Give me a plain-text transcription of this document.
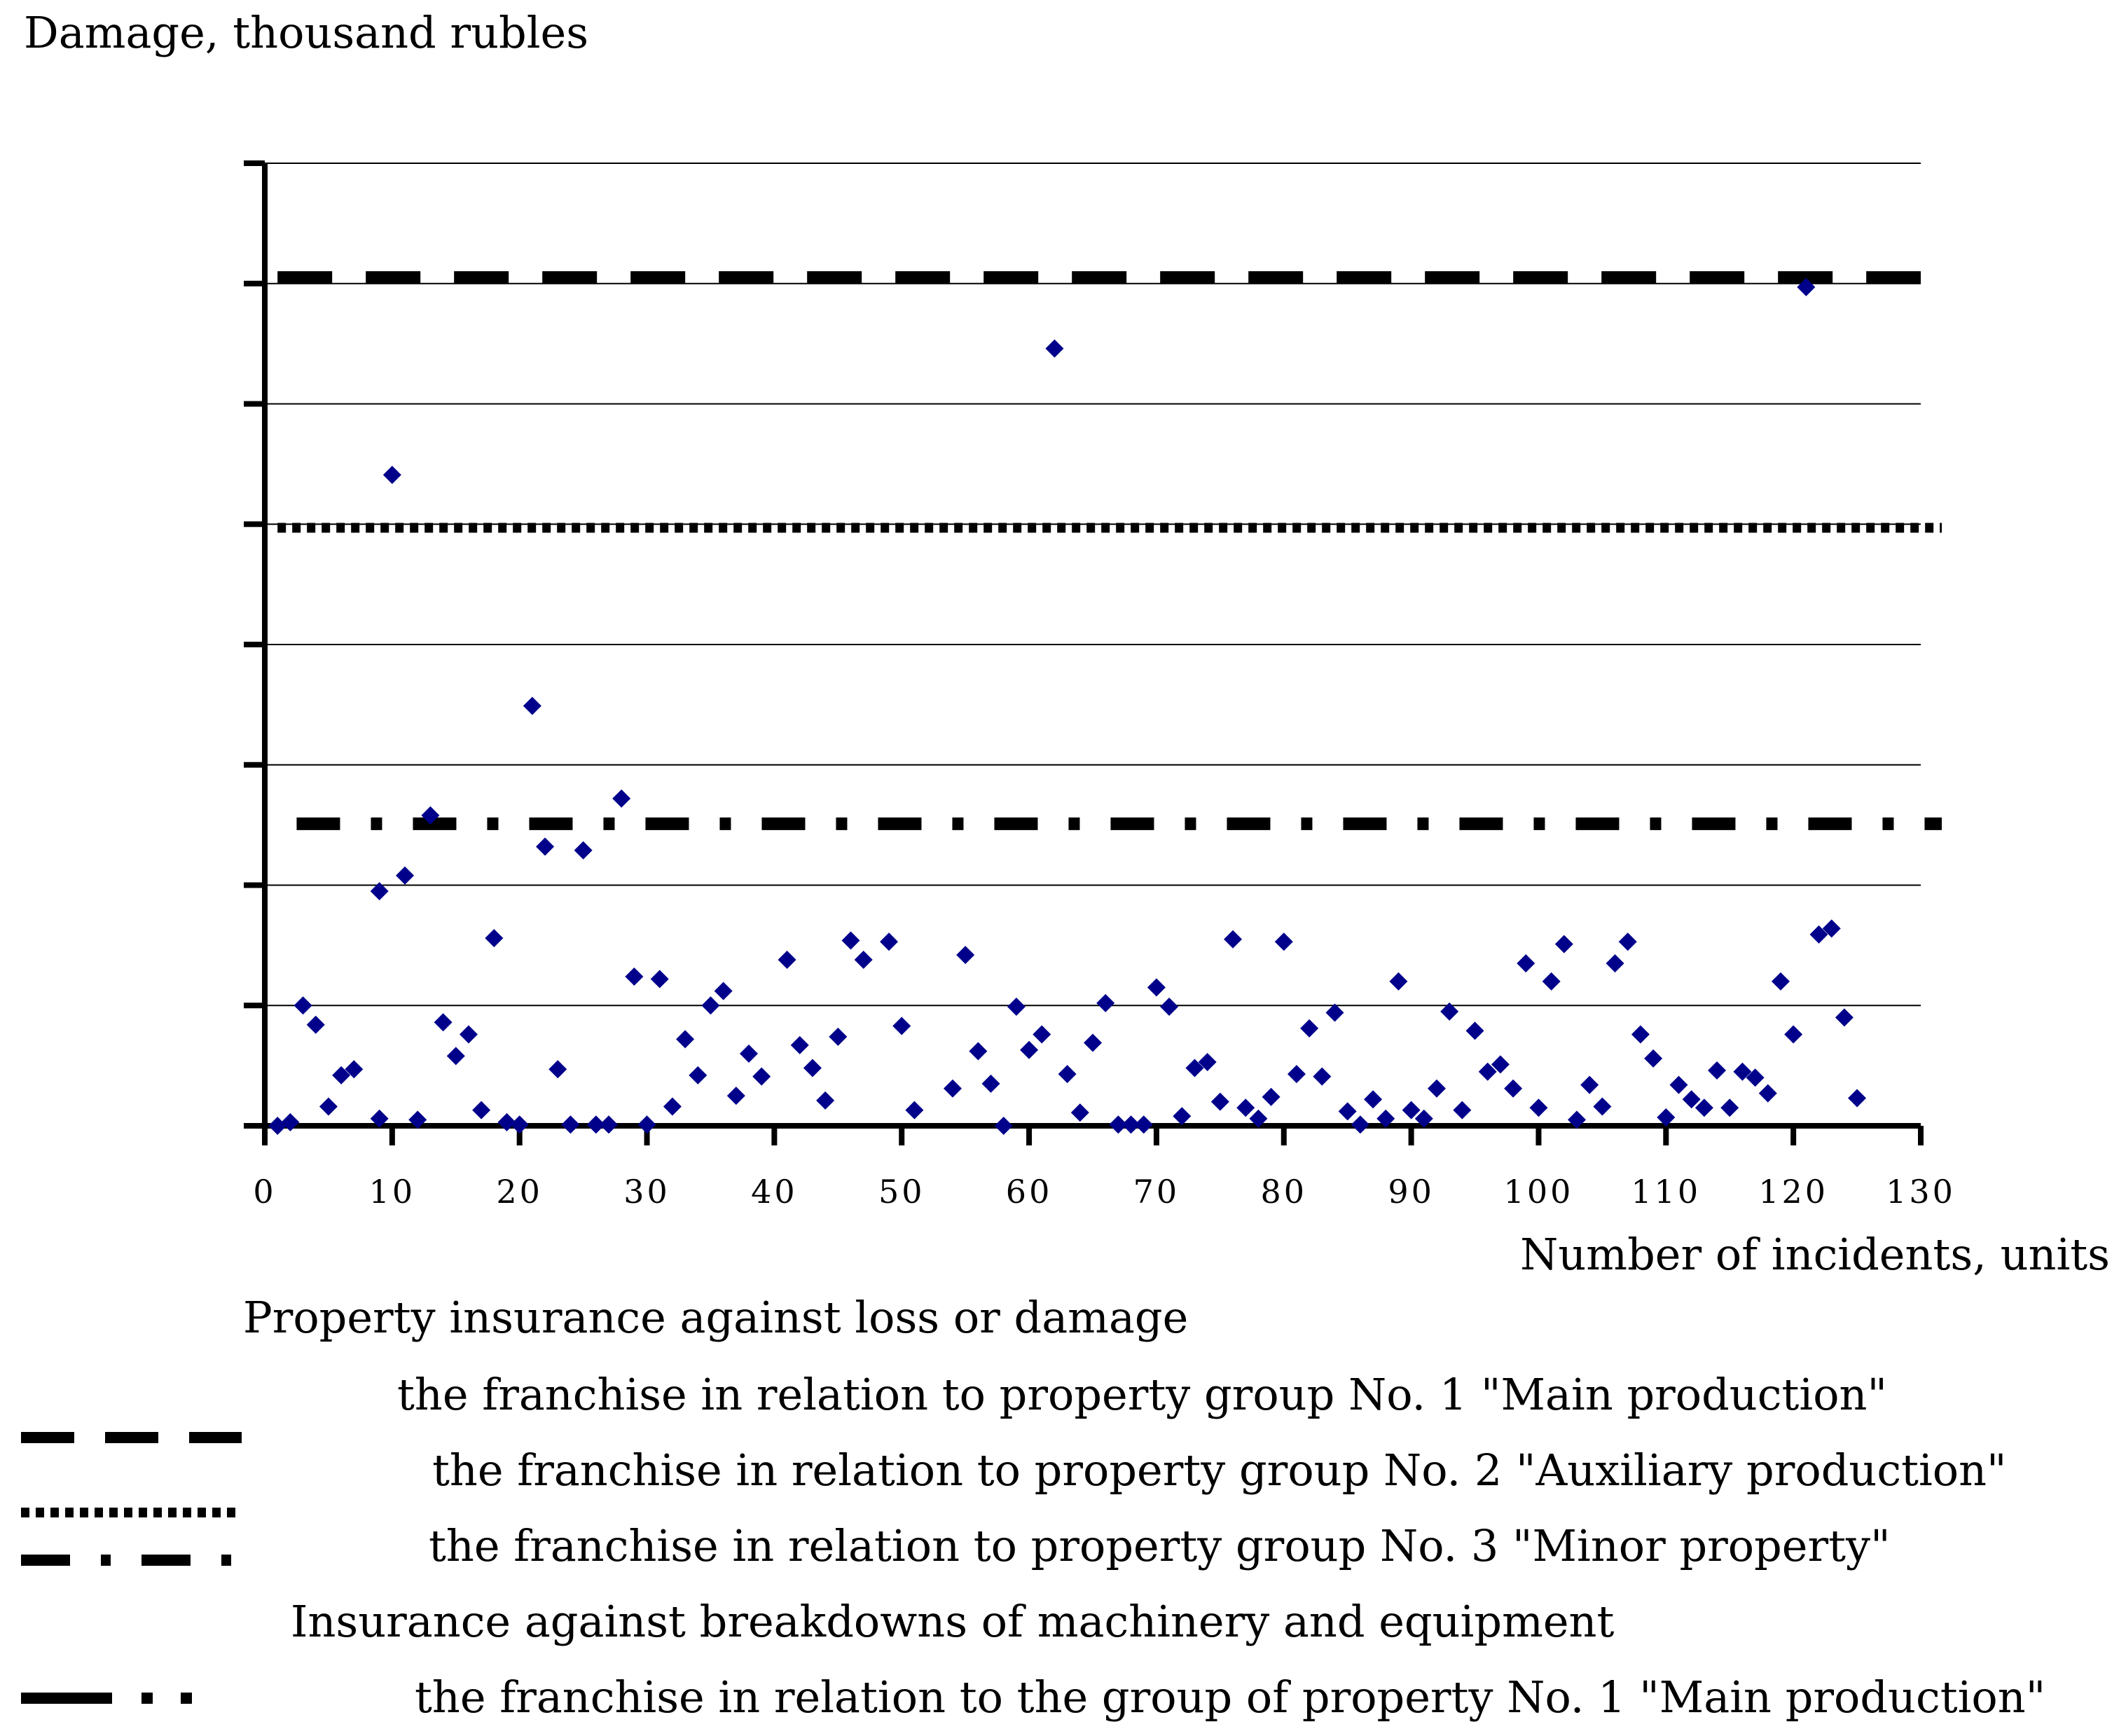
Damage, thousand rubles
0	10	20	30	40	50	60	70	80	90 100 110 120 130
Number of incidents, units
Property insurance against loss or damage
the franchise in relation to property group No. 1 "Main production"
the franchise in relation to property group No. 2 "Auxiliary production"
the franchise in relation to property group No. 3 "Minor property"
Insurance against breakdowns of machinery and equipment
the franchise in relation to the group of property No. 1 "Main production"
